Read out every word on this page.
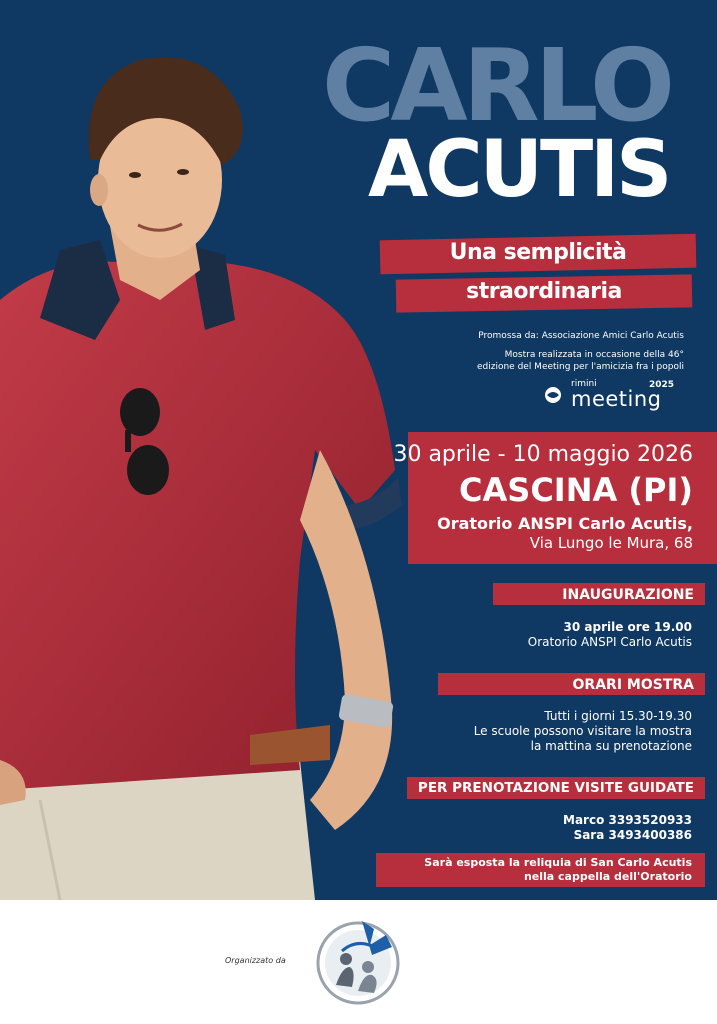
CARLO
ACUTIS
Una semplicità
straordinaria
Promossa da: Associazione Amici Carlo Acutis
Mostra realizzata in occasione della 46°
edizione del Meeting per l'amicizia fra i popoli
rimini	2025
meeting
30 aprile - 10 maggio 2026
CASCINA (PI)
Oratorio ANSPI Carlo Acutis,
Via Lungo le Mura, 68
INAUGURAZIONE
30 aprile ore 19.00
Oratorio ANSPI Carlo Acutis
ORARI MOSTRA
Tutti i giorni 15.30-19.30
Le scuole possono visitare la mostra
la mattina su prenotazione
PER PRENOTAZIONE VISITE GUIDATE
Marco 3393520933
Sara 3493400386
Sarà esposta la reliquia di San Carlo Acutis
nella cappella dell'Oratorio
Organizzato da
